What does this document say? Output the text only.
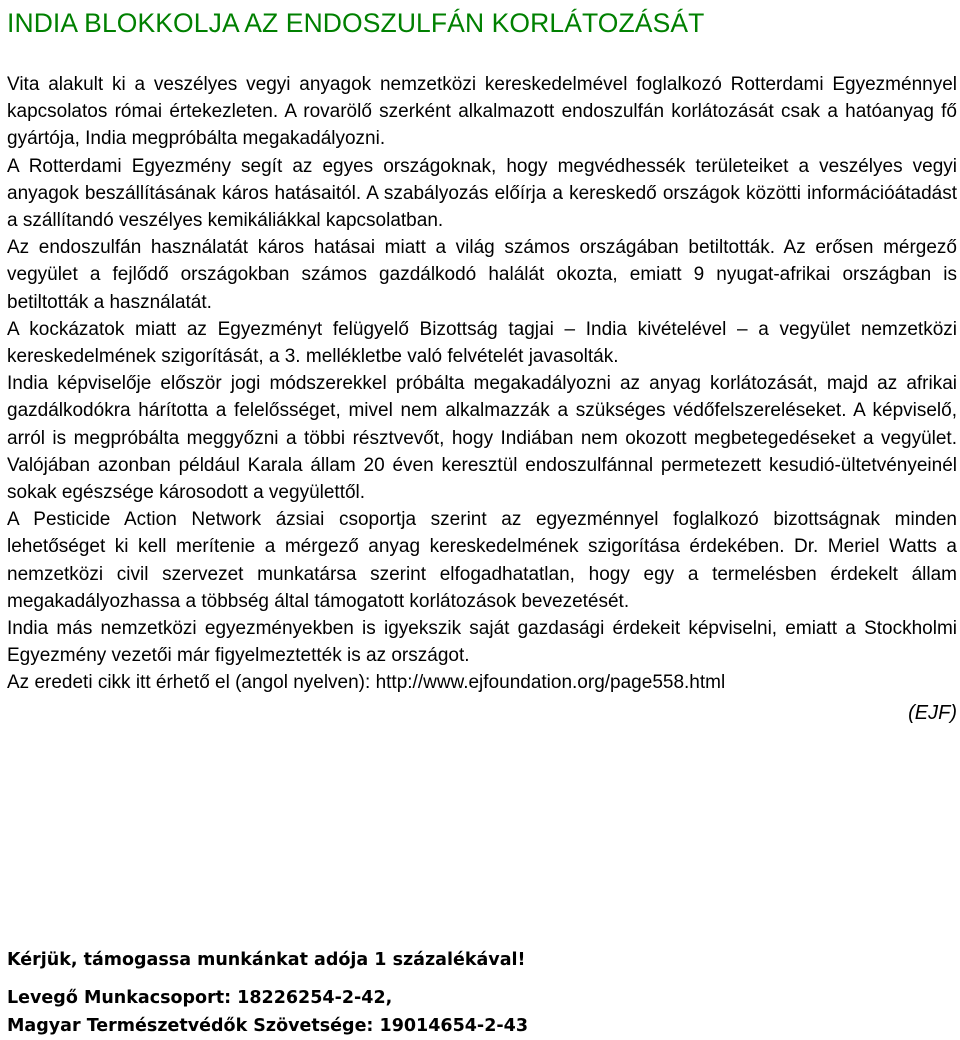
INDIA BLOKKOLJA AZ ENDOSZULFÁN KORLÁTOZÁSÁT

Vita alakult ki a veszélyes vegyi anyagok nemzetközi kereskedelmével foglalkozó Rotterdami Egyezménnyel kapcsolatos római értekezleten. A rovarölő szerként alkalmazott endoszulfán korlátozását csak a hatóanyag fő gyártója, India megpróbálta megakadályozni.

A Rotterdami Egyezmény segít az egyes országoknak, hogy megvédhessék területeiket a veszélyes vegyi anyagok beszállításának káros hatásaitól. A szabályozás előírja a kereskedő országok közötti információátadást a szállítandó veszélyes kemikáliákkal kapcsolatban.

Az endoszulfán használatát káros hatásai miatt a világ számos országában betiltották. Az erősen mérgező vegyület a fejlődő országokban számos gazdálkodó halálát okozta, emiatt 9 nyugat-afrikai országban is betiltották a használatát.

A kockázatok miatt az Egyezményt felügyelő Bizottság tagjai – India kivételével – a vegyület nemzetközi kereskedelmének szigorítását, a 3. mellékletbe való felvételét javasolták.

India képviselője először jogi módszerekkel próbálta megakadályozni az anyag korlátozását, majd az afrikai gazdálkodókra hárította a felelősséget, mivel nem alkalmazzák a szükséges védőfelszereléseket. A képviselő, arról is megpróbálta meggyőzni a többi résztvevőt, hogy Indiában nem okozott megbetegedéseket a vegyület. Valójában azonban például Karala állam 20 éven keresztül endoszulfánnal permetezett kesudió-ültetvényeinél sokak egészsége károsodott a vegyülettől.

A Pesticide Action Network ázsiai csoportja szerint az egyezménnyel foglalkozó bizottságnak minden lehetőséget ki kell merítenie a mérgező anyag kereskedelmének szigorítása érdekében. Dr. Meriel Watts a nemzetközi civil szervezet munkatársa szerint elfogadhatatlan, hogy egy a termelésben érdekelt állam megakadályozhassa a többség által támogatott korlátozások bevezetését.

India más nemzetközi egyezményekben is igyekszik saját gazdasági érdekeit képviselni, emiatt a Stockholmi Egyezmény vezetői már figyelmeztették is az országot.

Az eredeti cikk itt érhető el (angol nyelven): http://www.ejfoundation.org/page558.html

(EJF)

Kérjük, támogassa munkánkat adója 1 százalékával!

Levegő Munkacsoport: 18226254-2-42,
Magyar Természetvédők Szövetsége: 19014654-2-43
